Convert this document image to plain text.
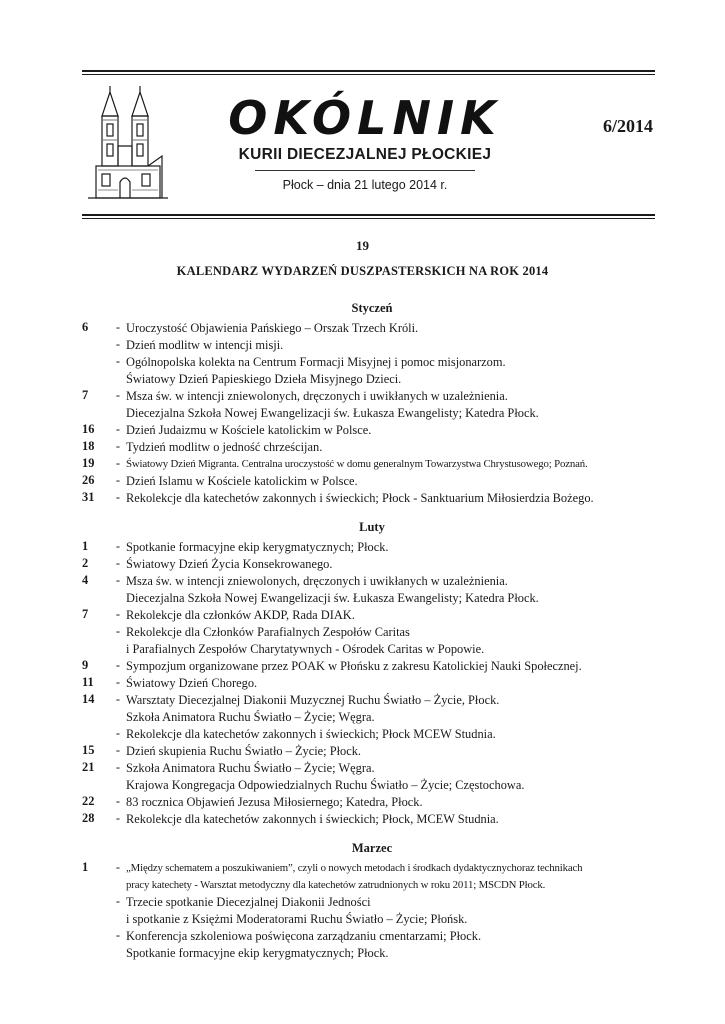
OKÓLNIK
KURII DIECEZJALNEJ PŁOCKIEJ
Płock – dnia 21 lutego 2014 r.
6/2014
19
KALENDARZ WYDARZEŃ DUSZPASTERSKICH NA ROK 2014
Styczeń
6	- Uroczystość Objawienia Pańskiego – Orszak Trzech Króli.
- Dzień modlitw w intencji misji.
- Ogólnopolska kolekta na Centrum Formacji Misyjnej i pomoc misjonarzom.
Światowy Dzień Papieskiego Dzieła Misyjnego Dzieci.
7	- Msza św. w intencji zniewolonych, dręczonych i uwikłanych w uzależnienia.
Diecezjalna Szkoła Nowej Ewangelizacji św. Łukasza Ewangelisty; Katedra Płock.
16	- Dzień Judaizmu w Kościele katolickim w Polsce.
18	- Tydzień modlitw o jedność chrześcijan.
19	- Światowy Dzień Migranta. Centralna uroczystość w domu generalnym Towarzystwa Chrystusowego; Poznań.
26	- Dzień Islamu w Kościele katolickim w Polsce.
31	- Rekolekcje dla katechetów zakonnych i świeckich; Płock - Sanktuarium Miłosierdzia Bożego.
Luty
1	- Spotkanie formacyjne ekip kerygmatycznych; Płock.
2	- Światowy Dzień Życia Konsekrowanego.
4	- Msza św. w intencji zniewolonych, dręczonych i uwikłanych w uzależnienia.
Diecezjalna Szkoła Nowej Ewangelizacji św. Łukasza Ewangelisty; Katedra Płock.
7	- Rekolekcje dla członków AKDP, Rada DIAK.
- Rekolekcje dla Członków Parafialnych Zespołów Caritas
i Parafialnych Zespołów Charytatywnych - Ośrodek Caritas w Popowie.
9	- Sympozjum organizowane przez POAK w Płońsku z zakresu Katolickiej Nauki Społecznej.
11	- Światowy Dzień Chorego.
14	- Warsztaty Diecezjalnej Diakonii Muzycznej Ruchu Światło – Życie, Płock.
Szkoła Animatora Ruchu Światło – Życie; Węgra.
- Rekolekcje dla katechetów zakonnych i świeckich; Płock MCEW Studnia.
15	- Dzień skupienia Ruchu Światło – Życie; Płock.
21	- Szkoła Animatora Ruchu Światło – Życie; Węgra.
Krajowa Kongregacja Odpowiedzialnych Ruchu Światło – Życie; Częstochowa.
22	- 83 rocznica Objawień Jezusa Miłosiernego; Katedra, Płock.
28	- Rekolekcje dla katechetów zakonnych i świeckich; Płock, MCEW Studnia.
Marzec
1	- „Między schematem a poszukiwaniem”, czyli o nowych metodach i środkach dydaktycznychoraz technikach
pracy katechety - Warsztat metodyczny dla katechetów zatrudnionych w roku 2011; MSCDN Płock.
- Trzecie spotkanie Diecezjalnej Diakonii Jedności
i spotkanie z Księżmi Moderatorami Ruchu Światło – Życie; Płońsk.
- Konferencja szkoleniowa poświęcona zarządzaniu cmentarzami; Płock.
Spotkanie formacyjne ekip kerygmatycznych; Płock.
